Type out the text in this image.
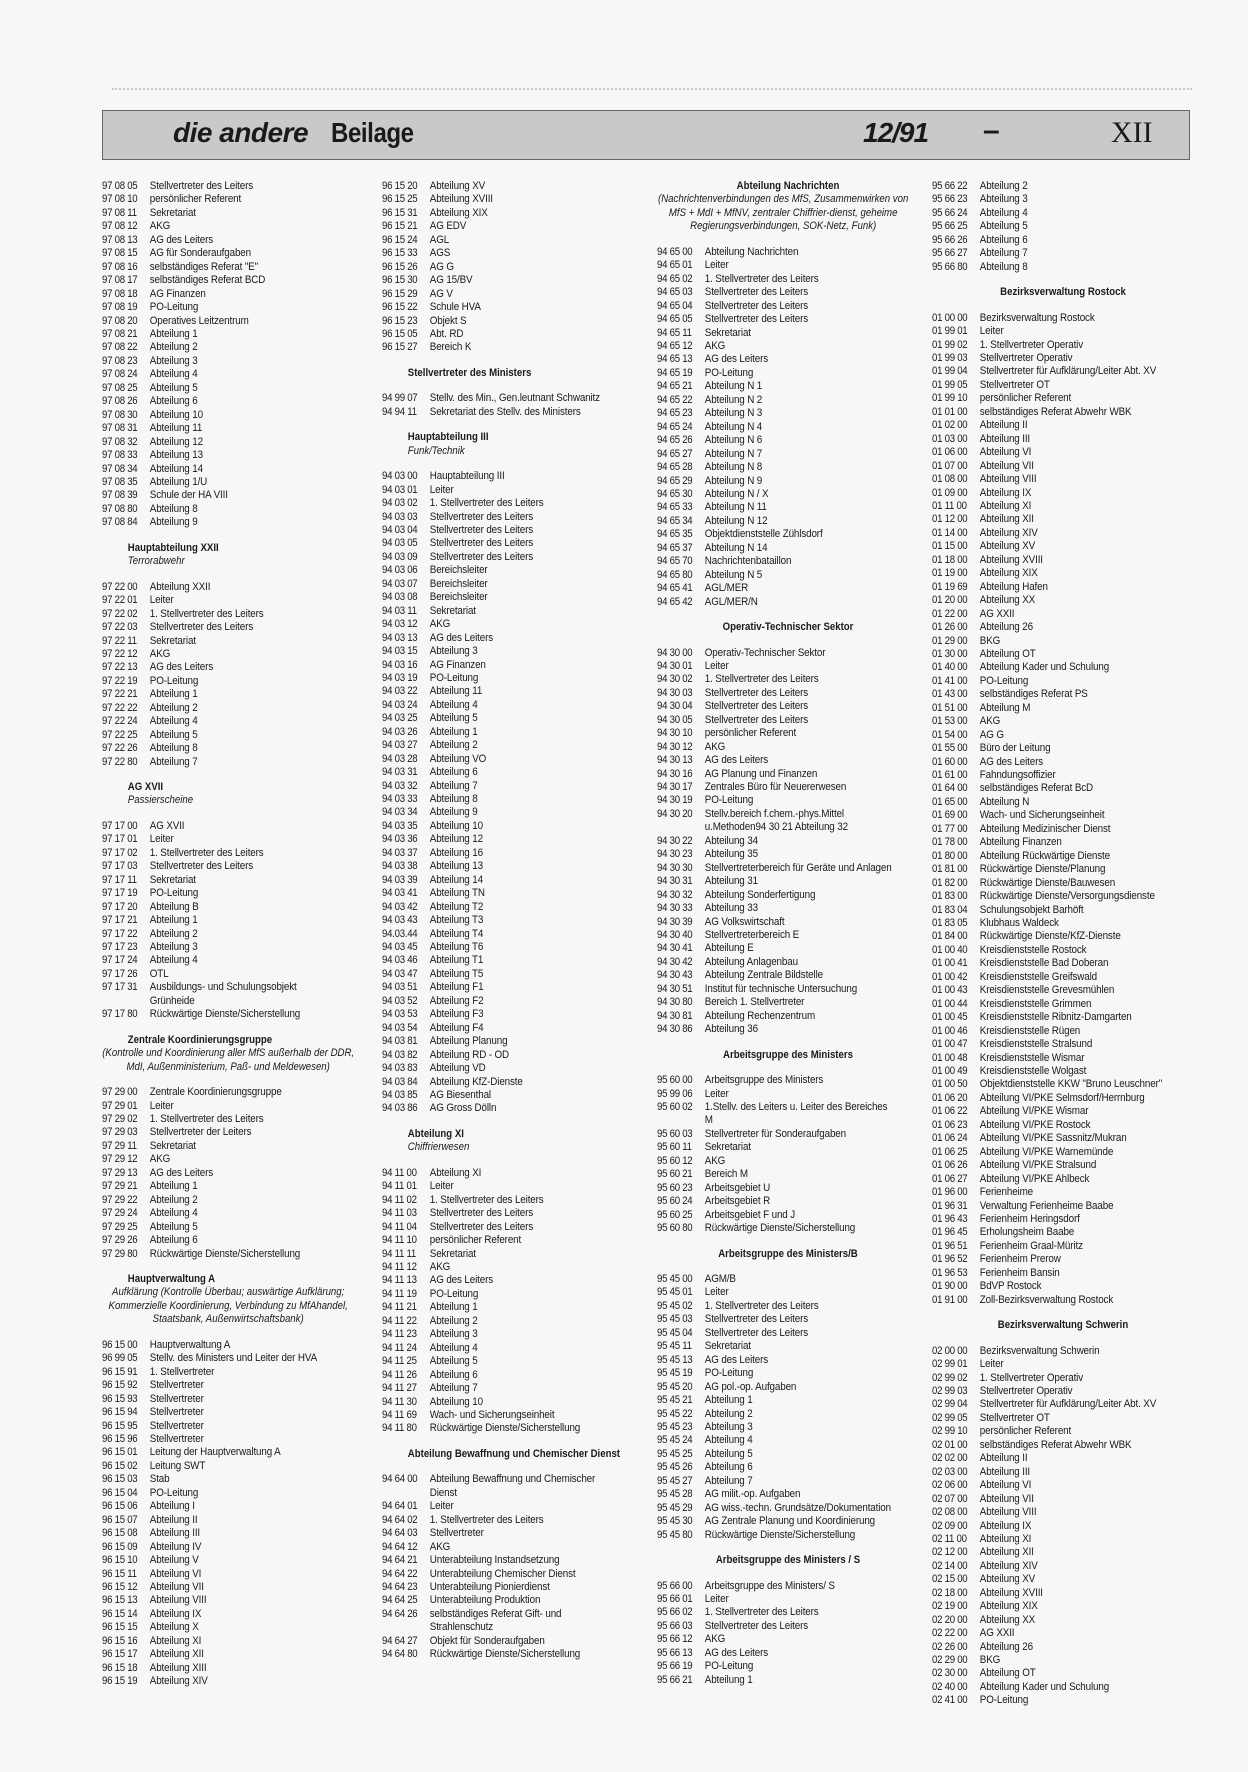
die andere Beilage	12/91 –	XII
97 08 05	Stellvertreter des Leiters
97 08 10	persönlicher Referent
97 08 11	Sekretariat
97 08 12	AKG
97 08 13	AG des Leiters
97 08 15	AG für Sonderaufgaben
97 08 16	selbständiges Referat "E"
97 08 17	selbständiges Referat BCD
97 08 18	AG Finanzen
97 08 19	PO-Leitung
97 08 20	Operatives Leitzentrum
97 08 21	Abteilung 1
97 08 22	Abteilung 2
97 08 23	Abteilung 3
97 08 24	Abteilung 4
97 08 25	Abteilung 5
97 08 26	Abteilung 6
97 08 30	Abteilung 10
97 08 31	Abteilung 11
97 08 32	Abteilung 12
97 08 33	Abteilung 13
97 08 34	Abteilung 14
97 08 35	Abteilung 1/U
97 08 39	Schule der HA VIII
97 08 80	Abteilung 8
97 08 84	Abteilung 9
Hauptabteilung XXII
Terrorabwehr
97 22 00	Abteilung XXII
97 22 01	Leiter
97 22 02	1. Stellvertreter des Leiters
97 22 03	Stellvertreter des Leiters
97 22 11	Sekretariat
97 22 12	AKG
97 22 13	AG des Leiters
97 22 19	PO-Leitung
97 22 21	Abteilung 1
97 22 22	Abteilung 2
97 22 24	Abteilung 4
97 22 25	Abteilung 5
97 22 26	Abteilung 8
97 22 80	Abteilung 7
AG XVII
Passierscheine
97 17 00	AG XVII
97 17 01	Leiter
97 17 02	1. Stellvertreter des Leiters
97 17 03	Stellvertreter des Leiters
97 17 11	Sekretariat
97 17 19	PO-Leitung
97 17 20	Abteilung B
97 17 21	Abteilung 1
97 17 22	Abteilung 2
97 17 23	Abteilung 3
97 17 24	Abteilung 4
97 17 26	OTL
97 17 31	Ausbildungs- und Schulungsobjekt Grünheide
97 17 80	Rückwärtige Dienste/Sicherstellung
Zentrale Koordinierungsgruppe
(Kontrolle und Koordinierung aller MfS außerhalb der DDR, MdI, Außenministerium, Paß- und Meldewesen)
97 29 00	Zentrale Koordinierungsgruppe
97 29 01	Leiter
97 29 02	1. Stellvertreter des Leiters
97 29 03	Stellvertreter der Leiters
97 29 11	Sekretariat
97 29 12	AKG
97 29 13	AG des Leiters
97 29 21	Abteilung 1
97 29 22	Abteilung 2
97 29 24	Abteilung 4
97 29 25	Abteilung 5
97 29 26	Abteilung 6
97 29 80	Rückwärtige Dienste/Sicherstellung
Hauptverwaltung A
Aufklärung (Kontrolle Überbau; auswärtige Aufklärung; Kommerzielle Koordinierung, Verbindung zu MfAhandel, Staatsbank, Außenwirtschaftsbank)
96 15 00	Hauptverwaltung A
96 99 05	Stellv. des Ministers und Leiter der HVA
96 15 91	1. Stellvertreter
96 15 92	Stellvertreter
96 15 93	Stellvertreter
96 15 94	Stellvertreter
96 15 95	Stellvertreter
96 15 96	Stellvertreter
96 15 01	Leitung der Hauptverwaltung A
96 15 02	Leitung SWT
96 15 03	Stab
96 15 04	PO-Leitung
96 15 06	Abteilung I
96 15 07	Abteilung II
96 15 08	Abteilung III
96 15 09	Abteilung IV
96 15 10	Abteilung V
96 15 11	Abteilung VI
96 15 12	Abteilung VII
96 15 13	Abteilung VIII
96 15 14	Abteilung IX
96 15 15	Abteilung X
96 15 16	Abteilung XI
96 15 17	Abteilung XII
96 15 18	Abteilung XIII
96 15 19	Abteilung XIV
96 15 20	Abteilung XV
96 15 25	Abteilung XVIII
96 15 31	Abteilung XIX
96 15 21	AG EDV
96 15 24	AGL
96 15 33	AGS
96 15 26	AG G
96 15 30	AG 15/BV
96 15 29	AG V
96 15 22	Schule HVA
96 15 23	Objekt S
96 15 05	Abt. RD
96 15 27	Bereich K
Stellvertreter des Ministers
94 99 07	Stellv. des Min., Gen.leutnant Schwanitz
94 94 11	Sekretariat des Stellv. des Ministers
Hauptabteilung III
Funk/Technik
94 03 00	Hauptabteilung III
94 03 01	Leiter
94 03 02	1. Stellvertreter des Leiters
94 03 03	Stellvertreter des Leiters
94 03 04	Stellvertreter des Leiters
94 03 05	Stellvertreter des Leiters
94 03 09	Stellvertreter des Leiters
94 03 06	Bereichsleiter
94 03 07	Bereichsleiter
94 03 08	Bereichsleiter
94 03 11	Sekretariat
94 03 12	AKG
94 03 13	AG des Leiters
94 03 15	Abteilung 3
94 03 16	AG Finanzen
94 03 19	PO-Leitung
94 03 22	Abteilung 11
94 03 24	Abteilung 4
94 03 25	Abteilung 5
94 03 26	Abteilung 1
94 03 27	Abteilung 2
94 03 28	Abteilung VO
94 03 31	Abteilung 6
94 03 32	Abteilung 7
94 03 33	Abteilung 8
94 03 34	Abteilung 9
94 03 35	Abteilung 10
94 03 36	Abteilung 12
94 03 37	Abteilung 16
94 03 38	Abteilung 13
94 03 39	Abteilung 14
94 03 41	Abteilung TN
94 03 42	Abteilung T2
94 03 43	Abteilung T3
94.03.44	Abteilung T4
94 03 45	Abteilung T6
94 03 46	Abteilung T1
94 03 47	Abteilung T5
94 03 51	Abteilung F1
94 03 52	Abteilung F2
94 03 53	Abteilung F3
94 03 54	Abteilung F4
94 03 81	Abteilung Planung
94 03 82	Abteilung RD - OD
94 03 83	Abteilung VD
94 03 84	Abteilung KfZ-Dienste
94 03 85	AG Biesenthal
94 03 86	AG Gross Dölln
Abteilung XI
Chiffrierwesen
94 11 00	Abteilung XI
94 11 01	Leiter
94 11 02	1. Stellvertreter des Leiters
94 11 03	Stellvertreter des Leiters
94 11 04	Stellvertreter des Leiters
94 11 10	persönlicher Referent
94 11 11	Sekretariat
94 11 12	AKG
94 11 13	AG des Leiters
94 11 19	PO-Leitung
94 11 21	Abteilung 1
94 11 22	Abteilung 2
94 11 23	Abteilung 3
94 11 24	Abteilung 4
94 11 25	Abteilung 5
94 11 26	Abteilung 6
94 11 27	Abteilung 7
94 11 30	Abteilung 10
94 11 69	Wach- und Sicherungseinheit
94 11 80	Rückwärtige Dienste/Sicherstellung
Abteilung Bewaffnung und Chemischer Dienst
94 64 00	Abteilung Bewaffnung und Chemischer Dienst
94 64 01	Leiter
94 64 02	1. Stellvertreter des Leiters
94 64 03	Stellvertreter
94 64 12	AKG
94 64 21	Unterabteilung Instandsetzung
94 64 22	Unterabteilung Chemischer Dienst
94 64 23	Unterabteilung Pionierdienst
94 64 25	Unterabteilung Produktion
94 64 26	selbständiges Referat Gift- und Strahlenschutz
94 64 27	Objekt für Sonderaufgaben
94 64 80	Rückwärtige Dienste/Sicherstellung
Abteilung Nachrichten
(Nachrichtenverbindungen des MfS, Zusammenwirken von MfS + MdI + MfNV, zentraler Chiffrier-dienst, geheime Regierungsverbindungen, SOK-Netz, Funk)
94 65 00	Abteilung Nachrichten
94 65 01	Leiter
94 65 02	1. Stellvertreter des Leiters
94 65 03	Stellvertreter des Leiters
94 65 04	Stellvertreter des Leiters
94 65 05	Stellvertreter des Leiters
94 65 11	Sekretariat
94 65 12	AKG
94 65 13	AG des Leiters
94 65 19	PO-Leitung
94 65 21	Abteilung N 1
94 65 22	Abteilung N 2
94 65 23	Abteilung N 3
94 65 24	Abteilung N 4
94 65 26	Abteilung N 6
94 65 27	Abteilung N 7
94 65 28	Abteilung N 8
94 65 29	Abteilung N 9
94 65 30	Abteilung N / X
94 65 33	Abteilung N 11
94 65 34	Abteilung N 12
94 65 35	Objektdienststelle Zühlsdorf
94 65 37	Abteilung N 14
94 65 70	Nachrichtenbataillon
94 65 80	Abteilung N 5
94 65 41	AGL/MER
94 65 42	AGL/MER/N
Operativ-Technischer Sektor
94 30 00	Operativ-Technischer Sektor
94 30 01	Leiter
94 30 02	1. Stellvertreter des Leiters
94 30 03	Stellvertreter des Leiters
94 30 04	Stellvertreter des Leiters
94 30 05	Stellvertreter des Leiters
94 30 10	persönlicher Referent
94 30 12	AKG
94 30 13	AG des Leiters
94 30 16	AG Planung und Finanzen
94 30 17	Zentrales Büro für Neuererwesen
94 30 19	PO-Leitung
94 30 20	Stellv.bereich f.chem.-phys.Mittel u.Methoden94 30 21 Abteilung 32
94 30 22	Abteilung 34
94 30 23	Abteilung 35
94 30 30	Stellvertreterbereich für Geräte und Anlagen
94 30 31	Abteilung 31
94 30 32	Abteilung Sonderfertigung
94 30 33	Abteilung 33
94 30 39	AG Volkswirtschaft
94 30 40	Stellvertreterbereich E
94 30 41	Abteilung E
94 30 42	Abteilung Anlagenbau
94 30 43	Abteilung Zentrale Bildstelle
94 30 51	Institut für technische Untersuchung
94 30 80	Bereich 1. Stellvertreter
94 30 81	Abteilung Rechenzentrum
94 30 86	Abteilung 36
Arbeitsgruppe des Ministers
95 60 00	Arbeitsgruppe des Ministers
95 99 06	Leiter
95 60 02	1.Stellv. des Leiters u. Leiter des Bereiches M
95 60 03	Stellvertreter für Sonderaufgaben
95 60 11	Sekretariat
95 60 12	AKG
95 60 21	Bereich M
95 60 23	Arbeitsgebiet U
95 60 24	Arbeitsgebiet R
95 60 25	Arbeitsgebiet F und J
95 60 80	Rückwärtige Dienste/Sicherstellung
Arbeitsgruppe des Ministers/B
95 45 00	AGM/B
95 45 01	Leiter
95 45 02	1. Stellvertreter des Leiters
95 45 03	Stellvertreter des Leiters
95 45 04	Stellvertreter des Leiters
95 45 11	Sekretariat
95 45 13	AG des Leiters
95 45 19	PO-Leitung
95 45 20	AG pol.-op. Aufgaben
95 45 21	Abteilung 1
95 45 22	Abteilung 2
95 45 23	Abteilung 3
95 45 24	Abteilung 4
95 45 25	Abteilung 5
95 45 26	Abteilung 6
95 45 27	Abteilung 7
95 45 28	AG milit.-op. Aufgaben
95 45 29	AG wiss.-techn. Grundsätze/Dokumentation
95 45 30	AG Zentrale Planung und Koordinierung
95 45 80	Rückwärtige Dienste/Sicherstellung
Arbeitsgruppe des Ministers / S
95 66 00	Arbeitsgruppe des Ministers/ S
95 66 01	Leiter
95 66 02	1. Stellvertreter des Leiters
95 66 03	Stellvertreter des Leiters
95 66 12	AKG
95 66 13	AG des Leiters
95 66 19	PO-Leitung
95 66 21	Abteilung 1
95 66 22	Abteilung 2
95 66 23	Abteilung 3
95 66 24	Abteilung 4
95 66 25	Abteilung 5
95 66 26	Abteilung 6
95 66 27	Abteilung 7
95 66 80	Abteilung 8
Bezirksverwaltung Rostock
01 00 00	Bezirksverwaltung Rostock
01 99 01	Leiter
01 99 02	1. Stellvertreter Operativ
01 99 03	Stellvertreter Operativ
01 99 04	Stellvertreter für Aufklärung/Leiter Abt. XV
01 99 05	Stellvertreter OT
01 99 10	persönlicher Referent
01 01 00	selbständiges Referat Abwehr WBK
01 02 00	Abteilung II
01 03 00	Abteilung III
01 06 00	Abteilung VI
01 07 00	Abteilung VII
01 08 00	Abteilung VIII
01 09 00	Abteilung IX
01 11 00	Abteilung XI
01 12 00	Abteilung XII
01 14 00	Abteilung XIV
01 15 00	Abteilung XV
01 18 00	Abteilung XVIII
01 19 00	Abteilung XIX
01 19 69	Abteilung Hafen
01 20 00	Abteilung XX
01 22 00	AG XXII
01 26 00	Abteilung 26
01 29 00	BKG
01 30 00	Abteilung OT
01 40 00	Abteilung Kader und Schulung
01 41 00	PO-Leitung
01 43 00	selbständiges Referat PS
01 51 00	Abteilung M
01 53 00	AKG
01 54 00	AG G
01 55 00	Büro der Leitung
01 60 00	AG des Leiters
01 61 00	Fahndungsoffizier
01 64 00	selbständiges Referat BcD
01 65 00	Abteilung N
01 69 00	Wach- und Sicherungseinheit
01 77 00	Abteilung Medizinischer Dienst
01 78 00	Abteilung Finanzen
01 80 00	Abteilung Rückwärtige Dienste
01 81 00	Rückwärtige Dienste/Planung
01 82 00	Rückwärtige Dienste/Bauwesen
01 83 00	Rückwärtige Dienste/Versorgungsdienste
01 83 04	Schulungsobjekt Barhöft
01 83 05	Klubhaus Waldeck
01 84 00	Rückwärtige Dienste/KfZ-Dienste
01 00 40	Kreisdienststelle Rostock
01 00 41	Kreisdienststelle Bad Doberan
01 00 42	Kreisdienststelle Greifswald
01 00 43	Kreisdienststelle Grevesmühlen
01 00 44	Kreisdienststelle Grimmen
01 00 45	Kreisdienststelle Ribnitz-Damgarten
01 00 46	Kreisdienststelle Rügen
01 00 47	Kreisdienststelle Stralsund
01 00 48	Kreisdienststelle Wismar
01 00 49	Kreisdienststelle Wolgast
01 00 50	Objektdienststelle KKW "Bruno Leuschner"
01 06 20	Abteilung VI/PKE Selmsdorf/Herrnburg
01 06 22	Abteilung VI/PKE Wismar
01 06 23	Abteilung VI/PKE Rostock
01 06 24	Abteilung VI/PKE Sassnitz/Mukran
01 06 25	Abteilung VI/PKE Warnemünde
01 06 26	Abteilung VI/PKE Stralsund
01 06 27	Abteilung VI/PKE Ahlbeck
01 96 00	Ferienheime
01 96 31	Verwaltung Ferienheime Baabe
01 96 43	Ferienheim Heringsdorf
01 96 45	Erholungsheim Baabe
01 96 51	Ferienheim Graal-Müritz
01 96 52	Ferienheim Prerow
01 96 53	Ferienheim Bansin
01 90 00	BdVP Rostock
01 91 00	Zoll-Bezirksverwaltung Rostock
Bezirksverwaltung Schwerin
02 00 00	Bezirksverwaltung Schwerin
02 99 01	Leiter
02 99 02	1. Stellvertreter Operativ
02 99 03	Stellvertreter Operativ
02 99 04	Stellvertreter für Aufklärung/Leiter Abt. XV
02 99 05	Stellvertreter OT
02 99 10	persönlicher Referent
02 01 00	selbständiges Referat Abwehr WBK
02 02 00	Abteilung II
02 03 00	Abteilung III
02 06 00	Abteilung VI
02 07 00	Abteilung VII
02 08 00	Abteilung VIII
02 09 00	Abteilung IX
02 11 00	Abteilung XI
02 12 00	Abteilung XII
02 14 00	Abteilung XIV
02 15 00	Abteilung XV
02 18 00	Abteilung XVIII
02 19 00	Abteilung XIX
02 20 00	Abteilung XX
02 22 00	AG XXII
02 26 00	Abteilung 26
02 29 00	BKG
02 30 00	Abteilung OT
02 40 00	Abteilung Kader und Schulung
02 41 00	PO-Leitung
